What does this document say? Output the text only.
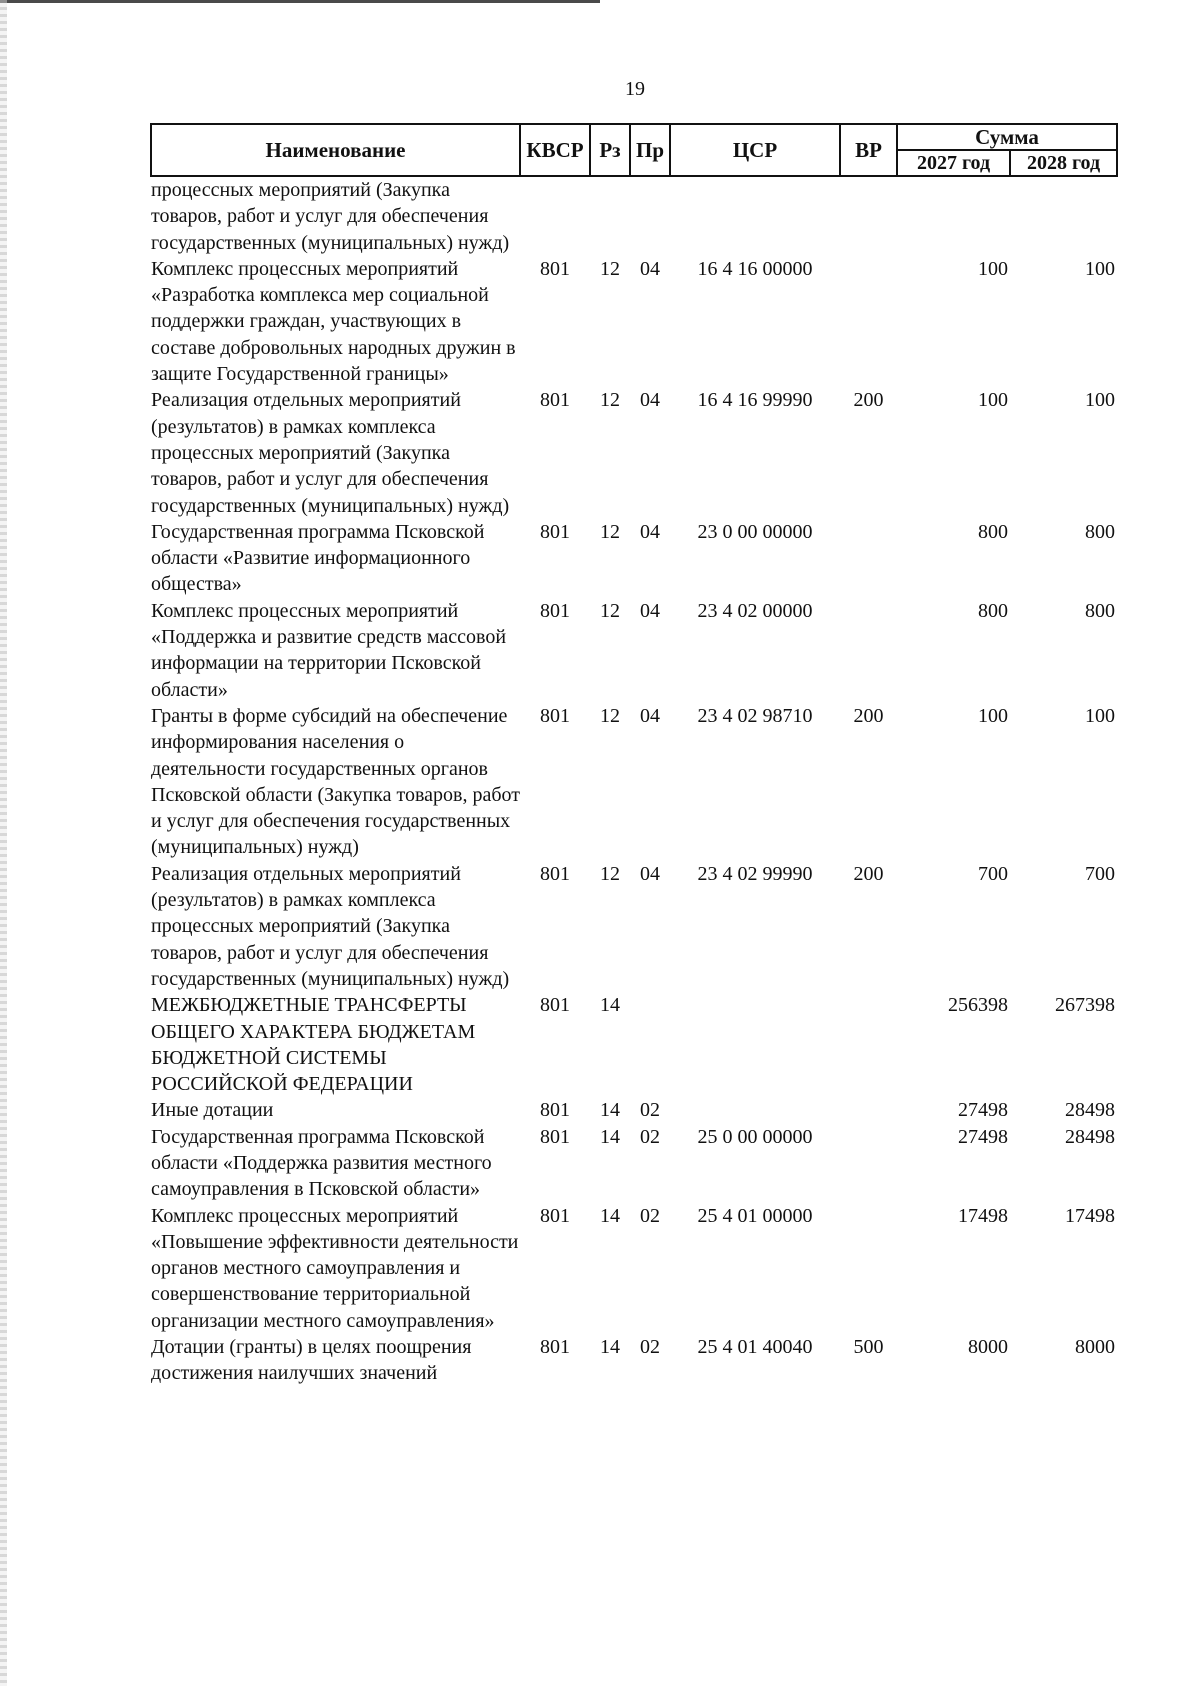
19
Наименование	КВСР	Рз	Пр	ЦСР	ВР	Сумма	
						2027 год	2028 год
процессных мероприятий (Закупка товаров, работ и услуг для обеспечения государственных (муниципальных) нужд)							
Комплекс процессных мероприятий «Разработка комплекса мер социальной поддержки граждан, участвующих в составе добровольных народных дружин в защите Государственной границы»	801	12	04	16 4 16 00000		100	100
Реализация отдельных мероприятий (результатов) в рамках комплекса процессных мероприятий (Закупка товаров, работ и услуг для обеспечения государственных (муниципальных) нужд)	801	12	04	16 4 16 99990	200	100	100
Государственная программа Псковской области «Развитие информационного общества»	801	12	04	23 0 00 00000		800	800
Комплекс процессных мероприятий «Поддержка и развитие средств массовой информации на территории Псковской области»	801	12	04	23 4 02 00000		800	800
Гранты в форме субсидий на обеспечение информирования населения о деятельности государственных органов Псковской области (Закупка товаров, работ и услуг для обеспечения государственных (муниципальных) нужд)	801	12	04	23 4 02 98710	200	100	100
Реализация отдельных мероприятий (результатов) в рамках комплекса процессных мероприятий (Закупка товаров, работ и услуг для обеспечения государственных (муниципальных) нужд)	801	12	04	23 4 02 99990	200	700	700
МЕЖБЮДЖЕТНЫЕ ТРАНСФЕРТЫ ОБЩЕГО ХАРАКТЕРА БЮДЖЕТАМ БЮДЖЕТНОЙ СИСТЕМЫ РОССИЙСКОЙ ФЕДЕРАЦИИ	801	14				256398	267398
Иные дотации	801	14	02			27498	28498
Государственная программа Псковской области «Поддержка развития местного самоуправления в Псковской области»	801	14	02	25 0 00 00000		27498	28498
Комплекс процессных мероприятий «Повышение эффективности деятельности органов местного самоуправления и совершенствование территориальной организации местного самоуправления»	801	14	02	25 4 01 00000		17498	17498
Дотации (гранты) в целях поощрения достижения наилучших значений	801	14	02	25 4 01 40040	500	8000	8000
